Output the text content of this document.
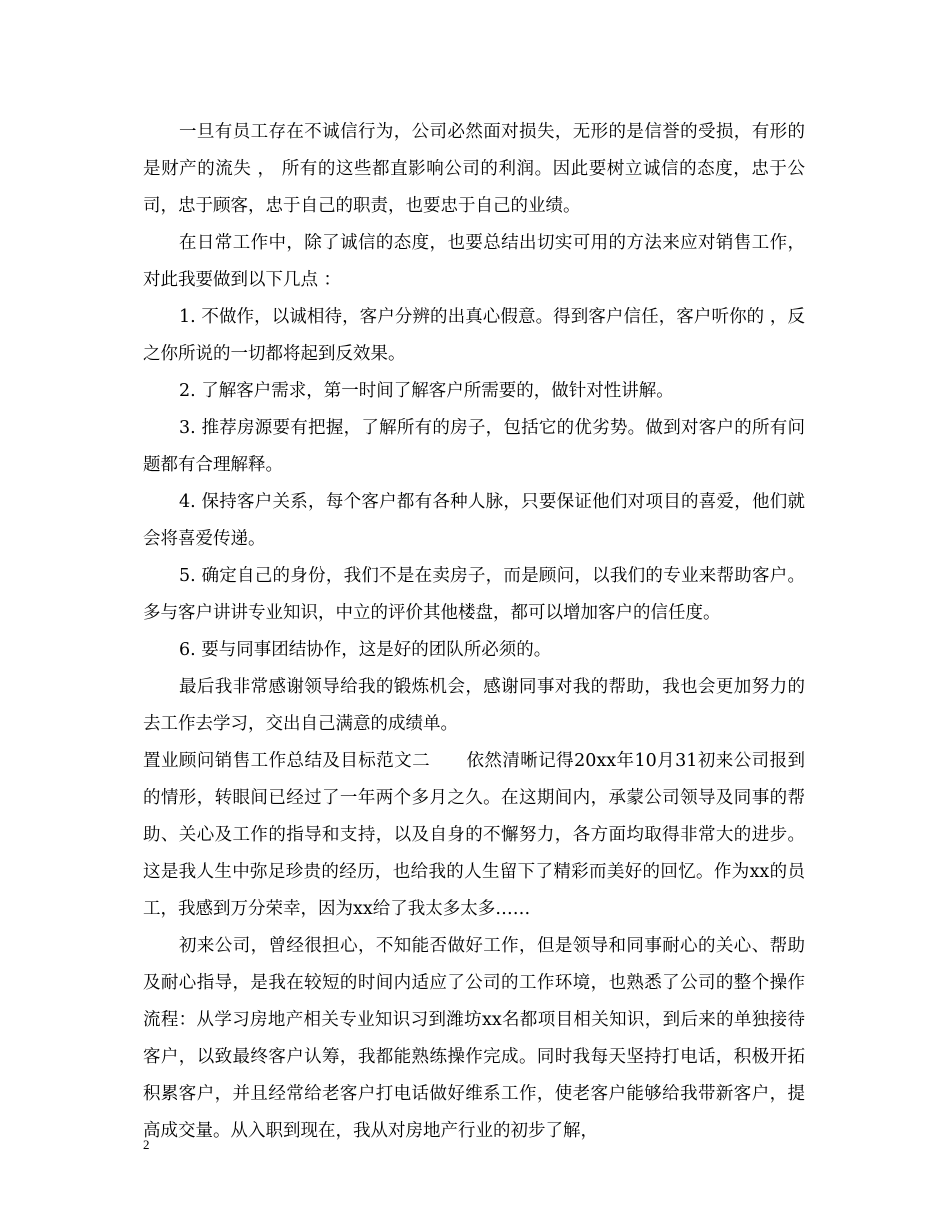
一旦有员工存在不诚信行为，公司必然面对损失，无形的是信誉的受损，有形的是财产的流失 ， 所有的这些都直影响公司的利润。因此要树立诚信的态度，忠于公司，忠于顾客，忠于自己的职责，也要忠于自己的业绩。

在日常工作中，除了诚信的态度，也要总结出切实可用的方法来应对销售工作，对此我要做到以下几点 ：

1. 不做作，以诚相待，客户分辨的出真心假意。得到客户信任，客户听你的 ，反之你所说的一切都将起到反效果。

2. 了解客户需求，第一时间了解客户所需要的，做针对性讲解。

3. 推荐房源要有把握，了解所有的房子，包括它的优劣势。做到对客户的所有问题都有合理解释。

4. 保持客户关系，每个客户都有各种人脉，只要保证他们对项目的喜爱，他们就会将喜爱传递。

5. 确定自己的身份，我们不是在卖房子，而是顾问，以我们的专业来帮助客户。多与客户讲讲专业知识，中立的评价其他楼盘，都可以增加客户的信任度。

6. 要与同事团结协作，这是好的团队所必须的。

最后我非常感谢领导给我的锻炼机会，感谢同事对我的帮助，我也会更加努力的去工作去学习，交出自己满意的成绩单。

置业顾问销售工作总结及目标范文二 依然清晰记得20xx年10月31初来公司报到的情形，转眼间已经过了一年两个多月之久。在这期间内，承蒙公司领导及同事的帮助、关心及工作的指导和支持，以及自身的不懈努力，各方面均取得非常大的进步。这是我人生中弥足珍贵的经历，也给我的人生留下了精彩而美好的回忆。作为xx的员工，我感到万分荣幸，因为xx给了我太多太多……

初来公司，曾经很担心，不知能否做好工作，但是领导和同事耐心的关心、帮助及耐心指导，是我在较短的时间内适应了公司的工作环境，也熟悉了公司的整个操作流程：从学习房地产相关专业知识习到潍坊xx名都项目相关知识，到后来的单独接待客户，以致最终客户认筹，我都能熟练操作完成。同时我每天坚持打电话，积极开拓积累客户，并且经常给老客户打电话做好维系工作，使老客户能够给我带新客户，提高成交量。从入职到现在，我从对房地产行业的初步了解，

2
